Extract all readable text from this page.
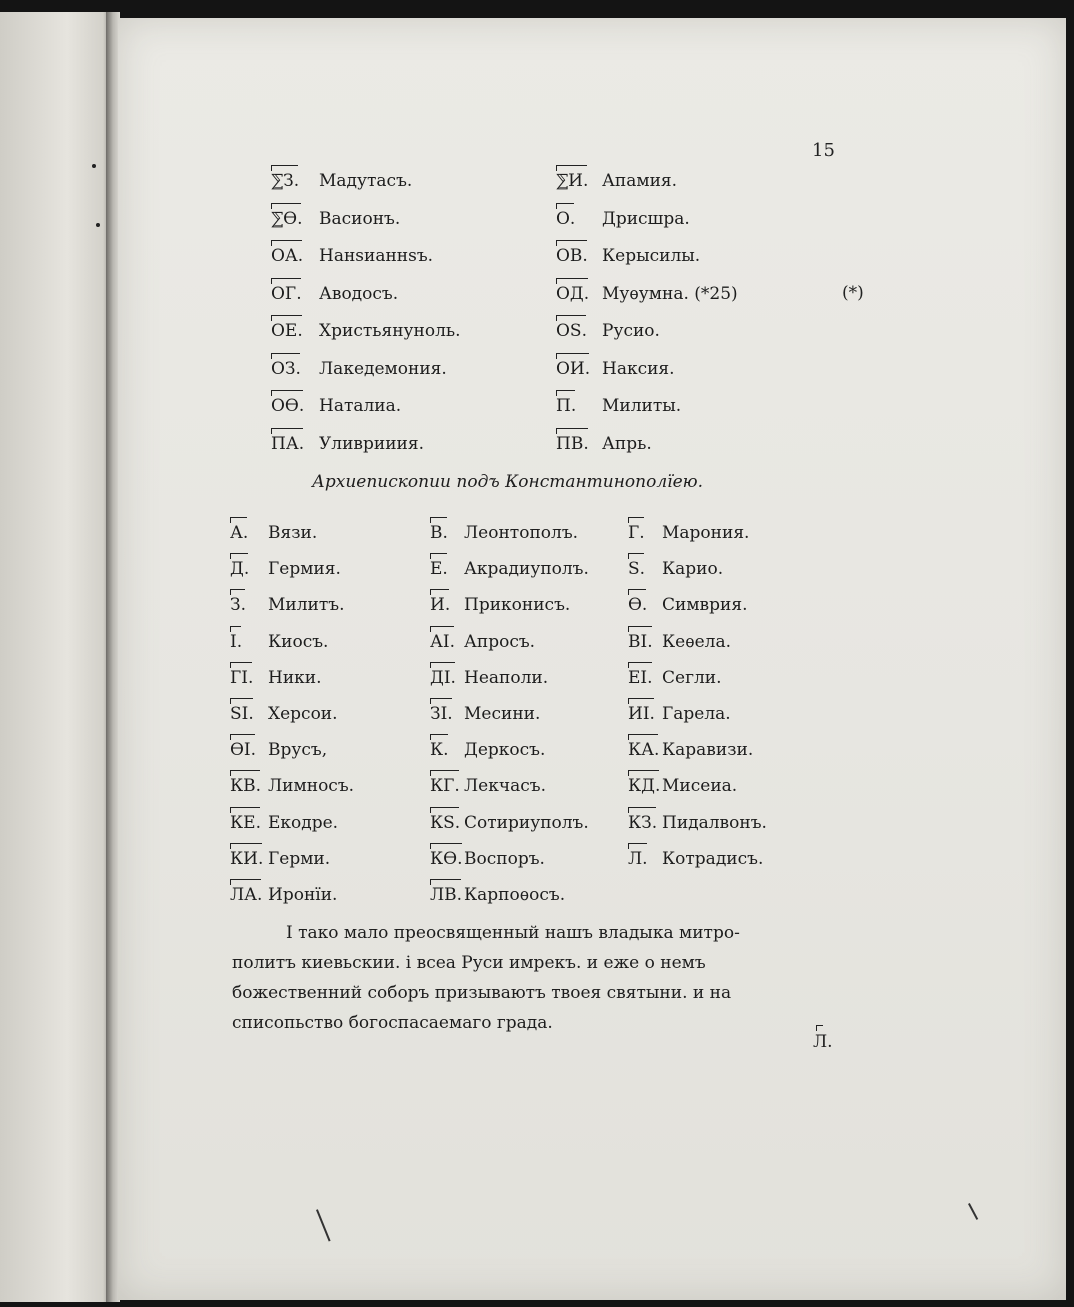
15
(*)
⅀З. Мадутасъ.
⅀Ѳ. Васионъ.
ОА. Нанѕианнѕъ.
ОГ. Аводосъ.
ОЕ. Христьянуноль.
ОЗ. Лакедемония.
ОѲ. Наталиа.
ПА. Уливрииия.
⅀И. Апамия.
О. Дрисшра.
ОВ. Керысилы.
ОД. Муѳумна. (*25)
ОЅ. Русио.
ОИ. Наксия.
П. Милиты.
ПВ. Апрь.
Архиепископии подъ Константинополїею.
А. Вязи.
Д. Гермия.
З. Милитъ.
І. Киосъ.
ГІ. Ники.
ЅІ. Херсои.
ѲІ. Врусъ,
КВ. Лимносъ.
КЕ. Екодре.
КИ. Герми.
ЛА. Иронїи.
В. Леонтополъ.
Е. Акрадиуполъ.
И. Приконисъ.
АІ. Апросъ.
ДІ. Неаполи.
ЗІ. Месини.
К. Деркосъ.
КГ. Лекчасъ.
КЅ. Сотириуполъ.
КѲ. Воспоръ.
ЛВ. Карпоѳосъ.
Г. Марония.
Ѕ. Карио.
Ѳ. Симврия.
ВІ. Кеѳела.
ЕІ. Сегли.
ИІ. Гарела.
КА. Каравизи.
КД. Мисеиа.
КЗ. Пидалвонъ.
Л. Котрадисъ.
І тако мало преосвященный нашъ владыка митро-
политъ киевьскии. і всеа Руси имрекъ. и еже о немъ
божественний соборъ призываютъ твоея святыни. и на
списопьство богоспасаемаго града.
Л.
